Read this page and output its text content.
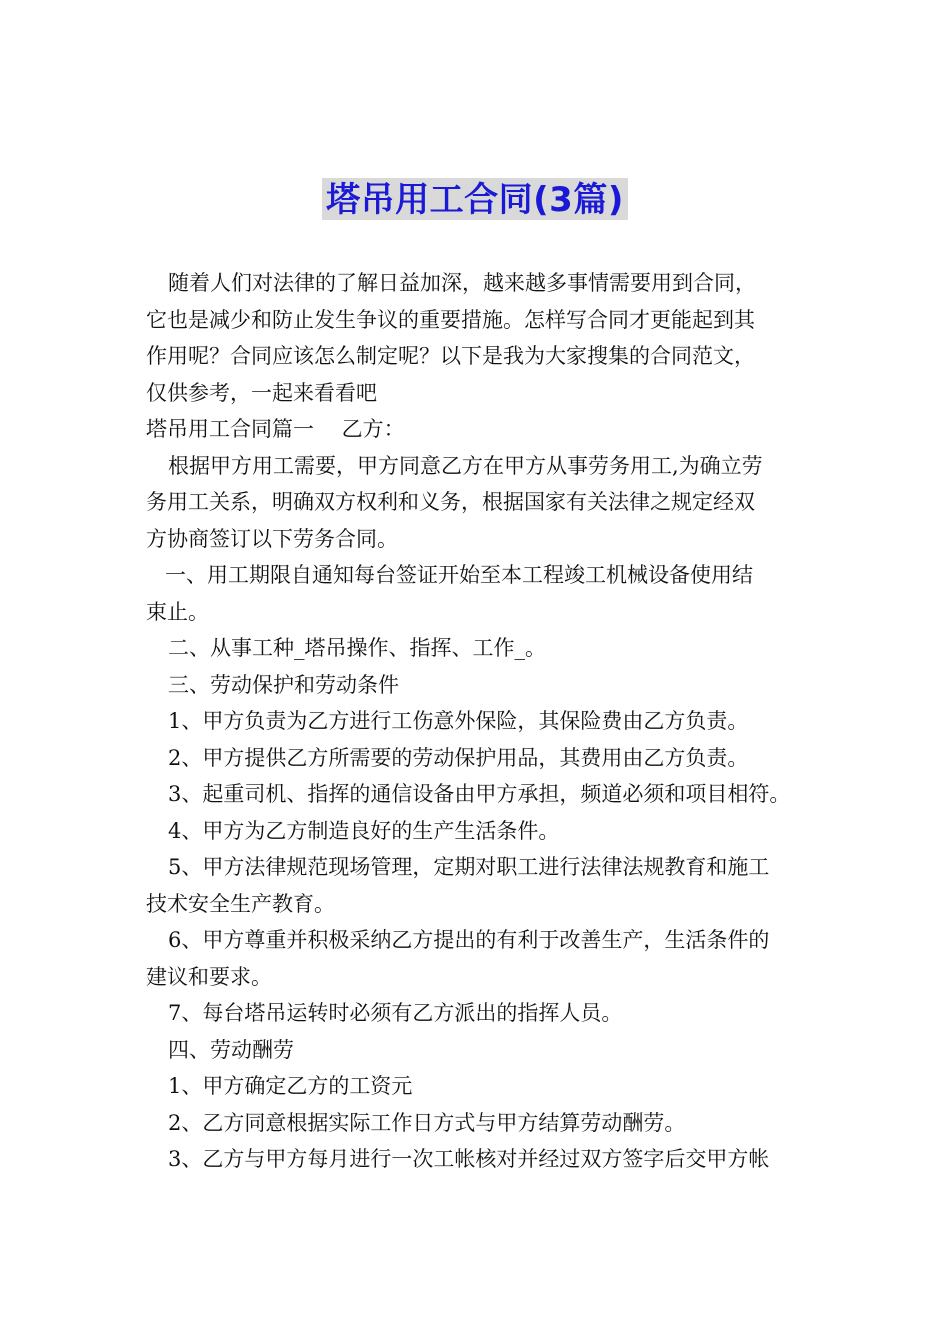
塔吊用工合同(3篇)

随着人们对法律的了解日益加深，越来越多事情需要用到合同，

它也是减少和防止发生争议的重要措施。怎样写合同才更能起到其

作用呢？合同应该怎么制定呢？以下是我为大家搜集的合同范文，

仅供参考，一起来看看吧

塔吊用工合同篇一　 乙方：

根据甲方用工需要，甲方同意乙方在甲方从事劳务用工,为确立劳

务用工关系，明确双方权利和义务，根据国家有关法律之规定经双

方协商签订以下劳务合同。

一、用工期限自通知每台签证开始至本工程竣工机械设备使用结

束止。

二、从事工种_塔吊操作、指挥、工作_。

三、劳动保护和劳动条件

1、甲方负责为乙方进行工伤意外保险，其保险费由乙方负责。

2、甲方提供乙方所需要的劳动保护用品，其费用由乙方负责。

3、起重司机、指挥的通信设备由甲方承担，频道必须和项目相符。

4、甲方为乙方制造良好的生产生活条件。

5、甲方法律规范现场管理，定期对职工进行法律法规教育和施工

技术安全生产教育。

6、甲方尊重并积极采纳乙方提出的有利于改善生产，生活条件的

建议和要求。

7、每台塔吊运转时必须有乙方派出的指挥人员。

四、劳动酬劳

1、甲方确定乙方的工资元

2、乙方同意根据实际工作日方式与甲方结算劳动酬劳。

3、乙方与甲方每月进行一次工帐核对并经过双方签字后交甲方帐
